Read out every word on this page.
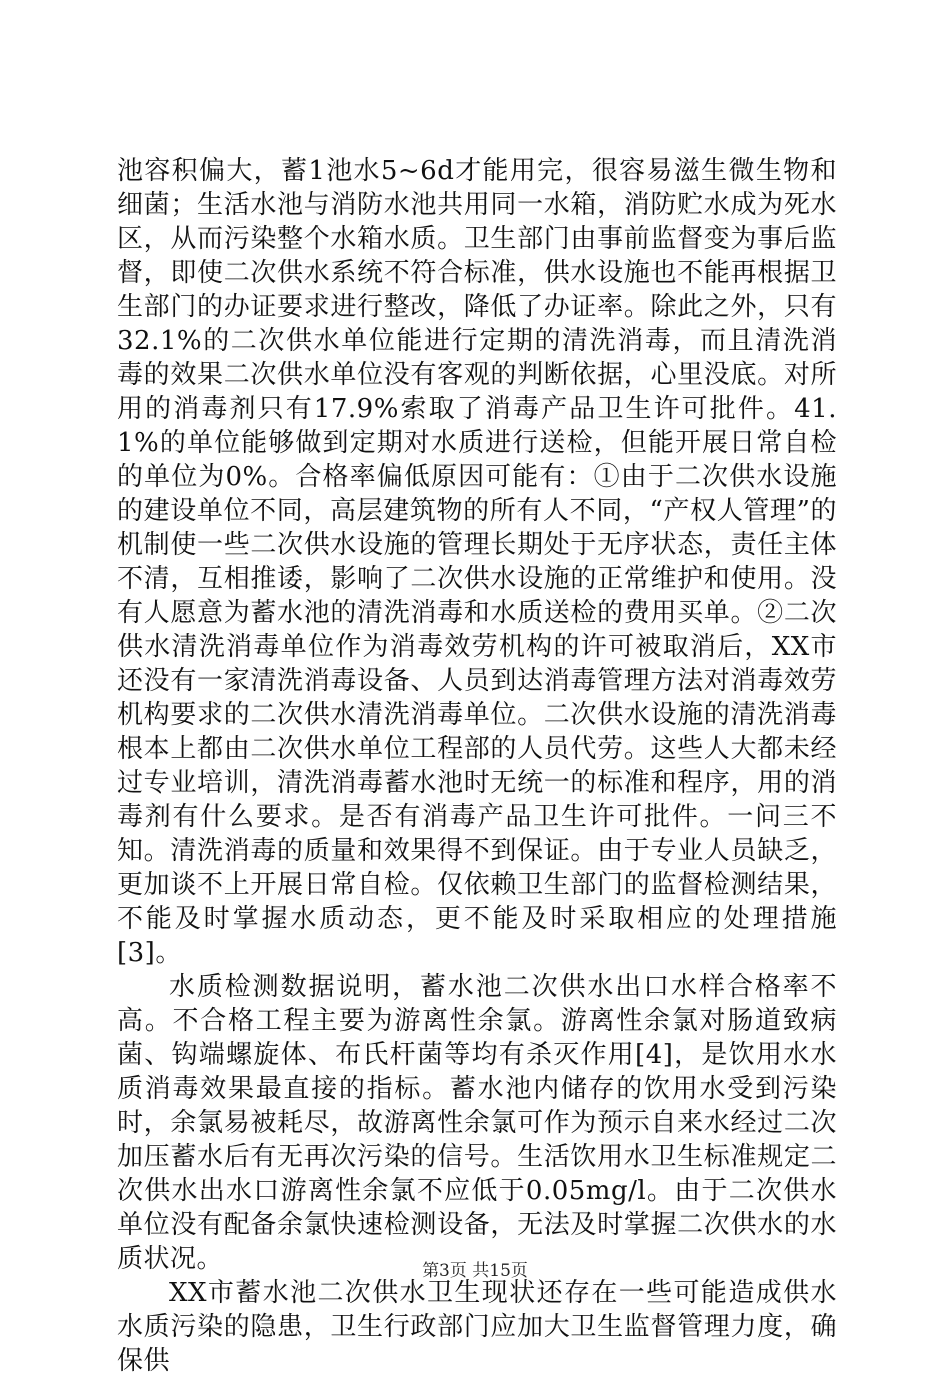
池容积偏大，蓄1池水5~6d才能用完，很容易滋生微生物和细菌；生活水池与消防水池共用同一水箱，消防贮水成为死水区，从而污染整个水箱水质。卫生部门由事前监督变为事后监督，即使二次供水系统不符合标准，供水设施也不能再根据卫生部门的办证要求进行整改，降低了办证率。除此之外，只有32.1%的二次供水单位能进行定期的清洗消毒，而且清洗消毒的效果二次供水单位没有客观的判断依据，心里没底。对所用的消毒剂只有17.9%索取了消毒产品卫生许可批件。41.1%的单位能够做到定期对水质进行送检，但能开展日常自检的单位为0%。合格率偏低原因可能有：①由于二次供水设施的建设单位不同，高层建筑物的所有人不同，“产权人管理”的机制使一些二次供水设施的管理长期处于无序状态，责任主体不清，互相推诿，影响了二次供水设施的正常维护和使用。没有人愿意为蓄水池的清洗消毒和水质送检的费用买单。②二次供水清洗消毒单位作为消毒效劳机构的许可被取消后，XX市还没有一家清洗消毒设备、人员到达消毒管理方法对消毒效劳机构要求的二次供水清洗消毒单位。二次供水设施的清洗消毒根本上都由二次供水单位工程部的人员代劳。这些人大都未经过专业培训，清洗消毒蓄水池时无统一的标准和程序，用的消毒剂有什么要求。是否有消毒产品卫生许可批件。一问三不知。清洗消毒的质量和效果得不到保证。由于专业人员缺乏，更加谈不上开展日常自检。仅依赖卫生部门的监督检测结果，不能及时掌握水质动态，更不能及时采取相应的处理措施[3]。

水质检测数据说明，蓄水池二次供水出口水样合格率不高。不合格工程主要为游离性余氯。游离性余氯对肠道致病菌、钩端螺旋体、布氏杆菌等均有杀灭作用[4]，是饮用水水质消毒效果最直接的指标。蓄水池内储存的饮用水受到污染时，余氯易被耗尽，故游离性余氯可作为预示自来水经过二次加压蓄水后有无再次污染的信号。生活饮用水卫生标准规定二次供水出水口游离性余氯不应低于0.05mg/l。由于二次供水单位没有配备余氯快速检测设备，无法及时掌握二次供水的水质状况。

XX市蓄水池二次供水卫生现状还存在一些可能造成供水水质污染的隐患，卫生行政部门应加大卫生监督管理力度，确保供

第3页 共15页
